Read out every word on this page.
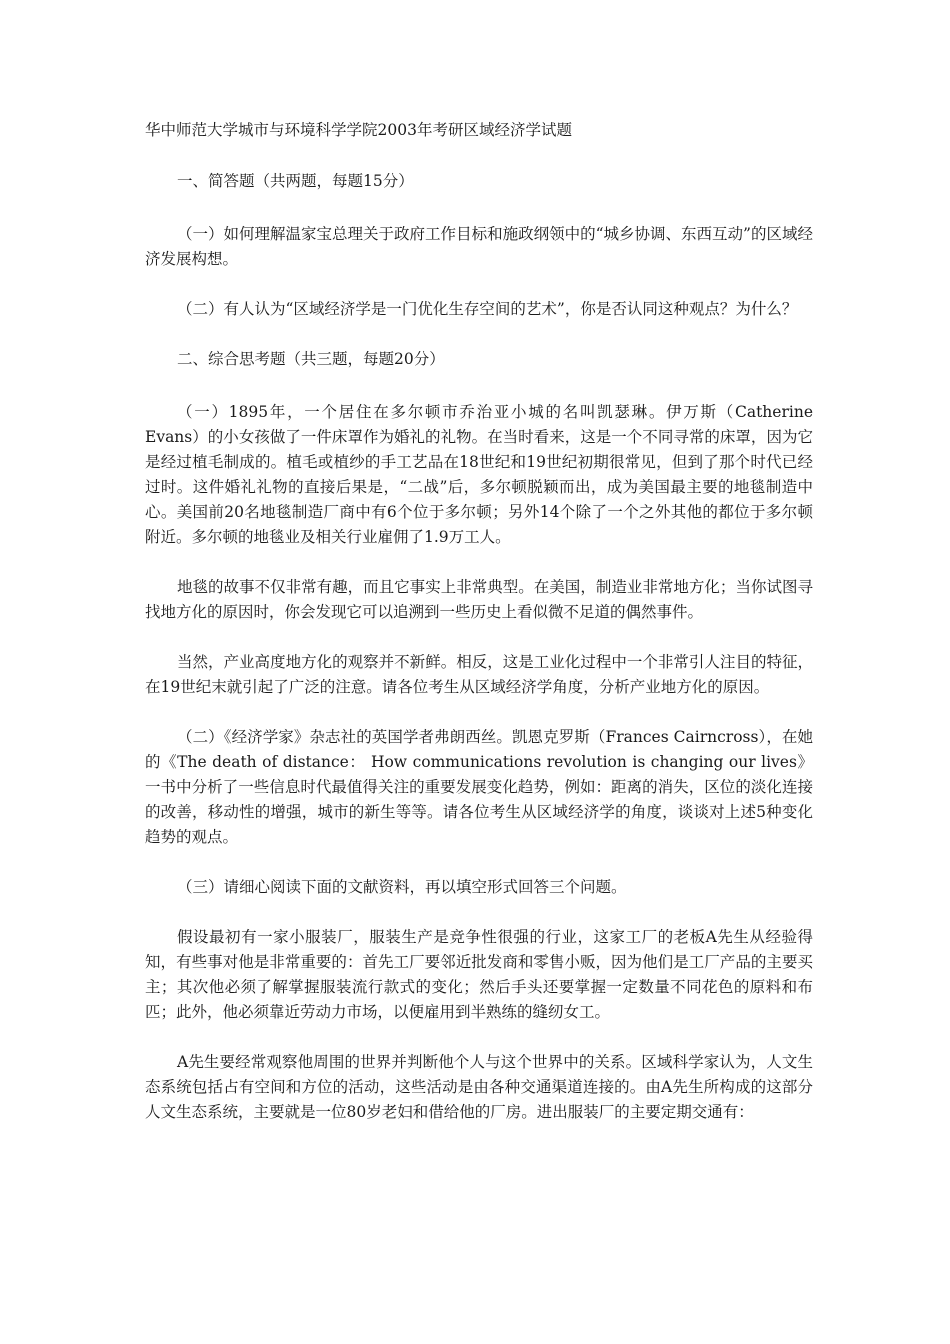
华中师范大学城市与环境科学学院2003年考研区域经济学试题

一、简答题（共两题，每题15分）

（一）如何理解温家宝总理关于政府工作目标和施政纲领中的“城乡协调、东西互动”的区域经济发展构想。

（二）有人认为“区域经济学是一门优化生存空间的艺术”，你是否认同这种观点？为什么？

二、综合思考题（共三题，每题20分）

（一）1895年，一个居住在多尔顿市乔治亚小城的名叫凯瑟琳。伊万斯（Catherine Evans）的小女孩做了一件床罩作为婚礼的礼物。在当时看来，这是一个不同寻常的床罩，因为它是经过植毛制成的。植毛或植纱的手工艺品在18世纪和19世纪初期很常见，但到了那个时代已经过时。这件婚礼礼物的直接后果是，“二战”后，多尔顿脱颖而出，成为美国最主要的地毯制造中心。美国前20名地毯制造厂商中有6个位于多尔顿；另外14个除了一个之外其他的都位于多尔顿附近。多尔顿的地毯业及相关行业雇佣了1.9万工人。

地毯的故事不仅非常有趣，而且它事实上非常典型。在美国，制造业非常地方化；当你试图寻找地方化的原因时，你会发现它可以追溯到一些历史上看似微不足道的偶然事件。

当然，产业高度地方化的观察并不新鲜。相反，这是工业化过程中一个非常引人注目的特征，在19世纪末就引起了广泛的注意。请各位考生从区域经济学角度，分析产业地方化的原因。

（二）《经济学家》杂志社的英国学者弗朗西丝。凯恩克罗斯（Frances Cairncross），在她的《The death of distance： How communications revolution is changing our lives》一书中分析了一些信息时代最值得关注的重要发展变化趋势，例如：距离的消失，区位的淡化连接的改善，移动性的增强，城市的新生等等。请各位考生从区域经济学的角度，谈谈对上述5种变化趋势的观点。

（三）请细心阅读下面的文献资料，再以填空形式回答三个问题。

假设最初有一家小服装厂，服装生产是竞争性很强的行业，这家工厂的老板A先生从经验得知，有些事对他是非常重要的：首先工厂要邻近批发商和零售小贩，因为他们是工厂产品的主要买主；其次他必须了解掌握服装流行款式的变化；然后手头还要掌握一定数量不同花色的原料和布匹；此外，他必须靠近劳动力市场，以便雇用到半熟练的缝纫女工。

A先生要经常观察他周围的世界并判断他个人与这个世界中的关系。区域科学家认为，人文生态系统包括占有空间和方位的活动，这些活动是由各种交通渠道连接的。由A先生所构成的这部分人文生态系统，主要就是一位80岁老妇和借给他的厂房。进出服装厂的主要定期交通有：
